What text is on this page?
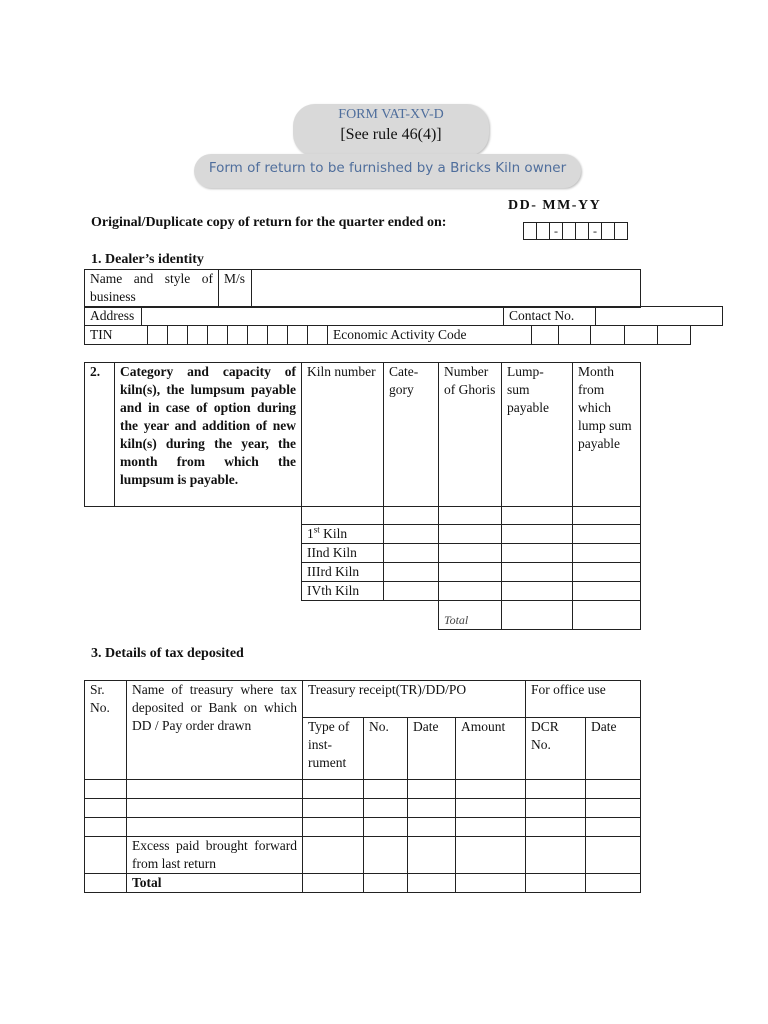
FORM VAT-XV-D
[See rule 46(4)]
Form of return to be furnished by a Bricks Kiln owner
DD- MM-YY
Original/Duplicate copy of return for the quarter ended on:
-	-
1. Dealer’s identity
Name and style of business	M/s	
Address		Contact No.	
TIN										Economic Activity Code					
2.	Category and capacity of kiln(s), the lumpsum payable and in case of option during the year and addition of new kiln(s) during the year, the month from which the lumpsum is payable.	Kiln number	Cate- gory	Number of Ghoris	Lump- sum payable	Month from which lump sum payable

		1st Kiln				
		IInd Kiln				
		IIIrd Kiln				
		IVth Kiln				
				Total		
3. Details of tax deposited
Sr. No.	Name of treasury where tax deposited or Bank on which DD / Pay order drawn	Treasury receipt(TR)/DD/PO				For office use	
		Type of inst- rument	No.	Date	Amount	DCR No.	Date

	Excess paid brought forward from last return						
	Total						
